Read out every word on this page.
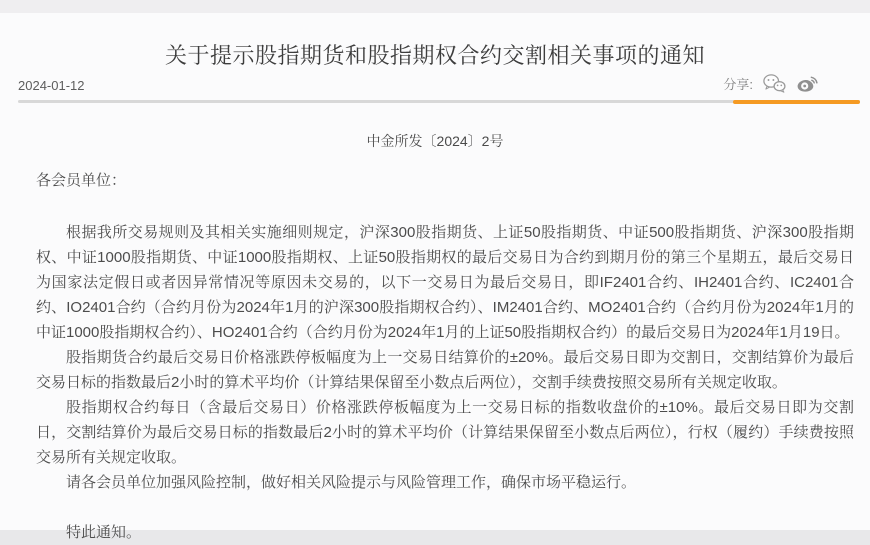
关于提示股指期货和股指期权合约交割相关事项的通知
2024-01-12	分享:
中金所发〔2024〕2号

各会员单位：

根据我所交易规则及其相关实施细则规定，沪深300股指期货、上证50股指期货、中证500股指期货、沪深300股指期权、中证1000股指期货、中证1000股指期权、上证50股指期权的最后交易日为合约到期月份的第三个星期五，最后交易日为国家法定假日或者因异常情况等原因未交易的，以下一交易日为最后交易日，即IF2401合约、IH2401合约、IC2401合约、IO2401合约（合约月份为2024年1月的沪深300股指期权合约）、IM2401合约、MO2401合约（合约月份为2024年1月的中证1000股指期权合约）、HO2401合约（合约月份为2024年1月的上证50股指期权合约）的最后交易日为2024年1月19日。

股指期货合约最后交易日价格涨跌停板幅度为上一交易日结算价的±20%。最后交易日即为交割日，交割结算价为最后交易日标的指数最后2小时的算术平均价（计算结果保留至小数点后两位），交割手续费按照交易所有关规定收取。

股指期权合约每日（含最后交易日）价格涨跌停板幅度为上一交易日标的指数收盘价的±10%。最后交易日即为交割日，交割结算价为最后交易日标的指数最后2小时的算术平均价（计算结果保留至小数点后两位），行权（履约）手续费按照交易所有关规定收取。

请各会员单位加强风险控制，做好相关风险提示与风险管理工作，确保市场平稳运行。

特此通知。
